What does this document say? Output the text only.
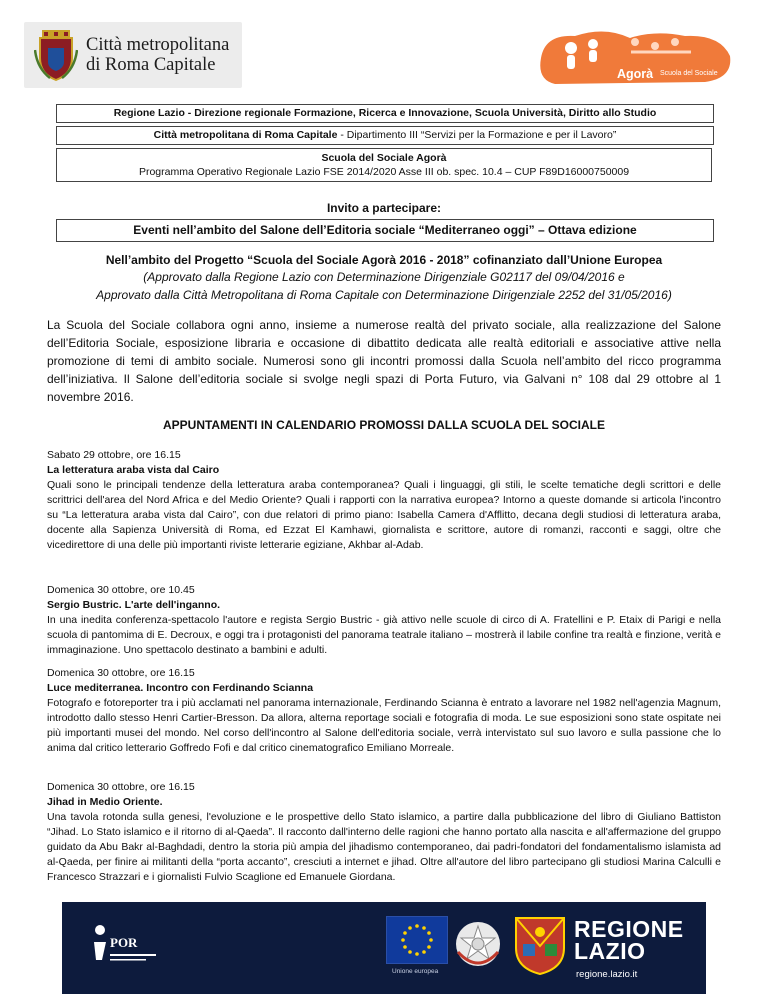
Città metropolitana
di Roma Capitale	Agorà Scuola del Sociale
Regione Lazio - Direzione regionale Formazione, Ricerca e Innovazione, Scuola Università, Diritto allo Studio
Città metropolitana di Roma Capitale - Dipartimento III “Servizi per la Formazione e per il Lavoro”
Scuola del Sociale Agorà
Programma Operativo Regionale Lazio FSE 2014/2020 Asse III ob. spec. 10.4 – CUP F89D16000750009
Invito a partecipare:
Eventi nell’ambito del Salone dell’Editoria sociale “Mediterraneo oggi” – Ottava edizione
Nell’ambito del Progetto “Scuola del Sociale Agorà 2016 - 2018” cofinanziato dall’Unione Europea
(Approvato dalla Regione Lazio con Determinazione Dirigenziale G02117 del 09/04/2016 e
Approvato dalla Città Metropolitana di Roma Capitale con Determinazione Dirigenziale 2252 del 31/05/2016)
La Scuola del Sociale collabora ogni anno, insieme a numerose realtà del privato sociale, alla realizzazione del Salone dell’Editoria Sociale, esposizione libraria e occasione di dibattito dedicata alle realtà editoriali e associative attive nella promozione di temi di ambito sociale. Numerosi sono gli incontri promossi dalla Scuola nell’ambito del ricco programma dell’iniziativa. Il Salone dell’editoria sociale si svolge negli spazi di Porta Futuro, via Galvani n° 108 dal 29 ottobre al 1 novembre 2016.
APPUNTAMENTI IN CALENDARIO PROMOSSI DALLA SCUOLA DEL SOCIALE
Sabato 29 ottobre, ore 16.15
La letteratura araba vista dal Cairo
Quali sono le principali tendenze della letteratura araba contemporanea? Quali i linguaggi, gli stili, le scelte tematiche degli scrittori e delle scrittrici dell'area del Nord Africa e del Medio Oriente? Quali i rapporti con la narrativa europea? Intorno a queste domande si articola l'incontro su “La letteratura araba vista dal Cairo”, con due relatori di primo piano: Isabella Camera d'Afflitto, decana degli studiosi di letteratura araba, docente alla Sapienza Università di Roma, ed Ezzat El Kamhawi, giornalista e scrittore, autore di romanzi, racconti e saggi, oltre che vicedirettore di una delle più importanti riviste letterarie egiziane, Akhbar al-Adab.
Domenica 30 ottobre, ore 10.45
Sergio Bustric. L'arte dell'inganno.
In una inedita conferenza-spettacolo l'autore e regista Sergio Bustric - già attivo nelle scuole di circo di A. Fratellini e P. Etaix di Parigi e nella scuola di pantomima di E. Decroux, e oggi tra i protagonisti del panorama teatrale italiano – mostrerà il labile confine tra realtà e finzione, verità e immaginazione. Uno spettacolo destinato a bambini e adulti.
Domenica 30 ottobre, ore 16.15
Luce mediterranea. Incontro con Ferdinando Scianna
Fotografo e fotoreporter tra i più acclamati nel panorama internazionale, Ferdinando Scianna è entrato a lavorare nel 1982 nell'agenzia Magnum, introdotto dallo stesso Henri Cartier-Bresson. Da allora, alterna reportage sociali e fotografia di moda. Le sue esposizioni sono state ospitate nei più importanti musei del mondo. Nel corso dell'incontro al Salone dell'editoria sociale, verrà intervistato sul suo lavoro e sulla passione che lo anima dal critico letterario Goffredo Fofi e dal critico cinematografico Emiliano Morreale.
Domenica 30 ottobre, ore 16.15
Jihad in Medio Oriente.
Una tavola rotonda sulla genesi, l'evoluzione e le prospettive dello Stato islamico, a partire dalla pubblicazione del libro di Giuliano Battiston “Jihad. Lo Stato islamico e il ritorno di al-Qaeda”. Il racconto dall'interno delle ragioni che hanno portato alla nascita e all'affermazione del gruppo guidato da Abu Bakr al-Baghdadi, dentro la storia più ampia del jihadismo contemporaneo, dai padri-fondatori del fondamentalismo islamista ad al-Qaeda, per finire ai militanti della “porta accanto”, cresciuti a internet e jihad. Oltre all'autore del libro partecipano gli studiosi Marina Calculli e Francesco Strazzari e i giornalisti Fulvio Scaglione ed Emanuele Giordana.
POR
Unione europea
REGIONE
LAZIO
regione.lazio.it
